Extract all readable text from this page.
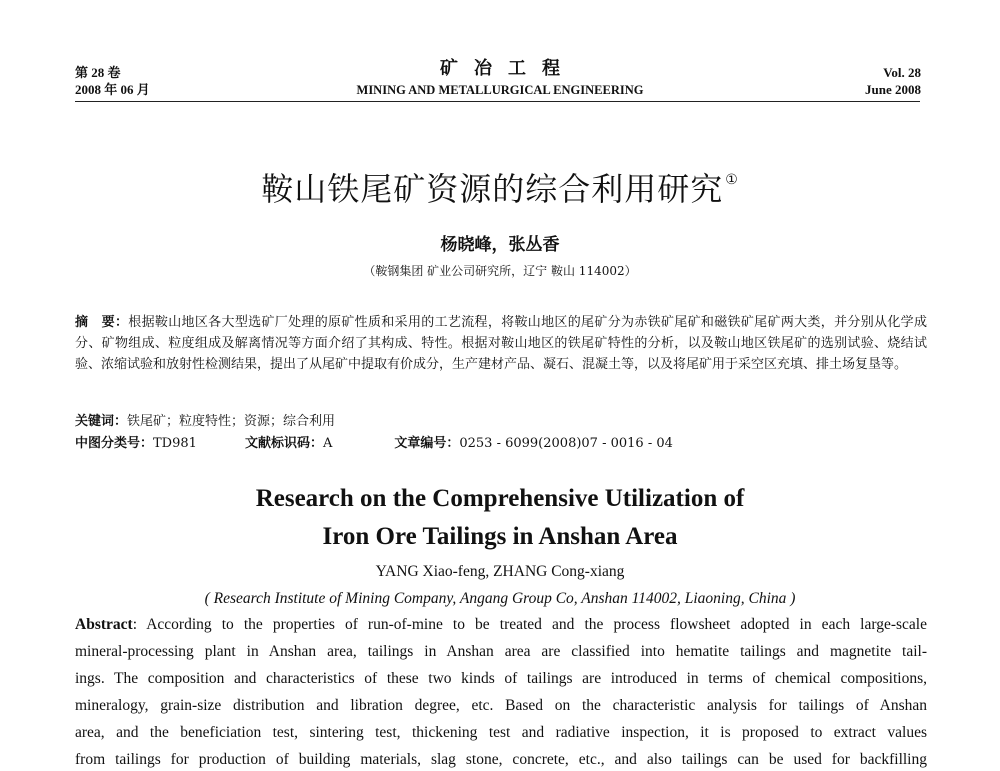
第 28 卷
2008 年 06 月
矿冶工程
MINING AND METALLURGICAL ENGINEERING
Vol. 28
June 2008
鞍山铁尾矿资源的综合利用研究 ①
杨晓峰，张丛香
（鞍钢集团 矿业公司研究所，辽宁 鞍山 114002）
摘　要：根据鞍山地区各大型选矿厂处理的原矿性质和采用的工艺流程，将鞍山地区的尾矿分为赤铁矿尾矿和磁铁矿尾矿两大类，并分别从化学成分、矿物组成、粒度组成及解离情况等方面介绍了其构成、特性。根据对鞍山地区的铁尾矿特性的分析，以及鞍山地区铁尾矿的选别试验、烧结试验、浓缩试验和放射性检测结果，提出了从尾矿中提取有价成分，生产建材产品、凝石、混凝土等，以及将尾矿用于采空区充填、排土场复垦等。
关键词：铁尾矿；粒度特性；资源；综合利用
中图分类号：TD981	文献标识码：A	文章编号：0253 - 6099(2008)07 - 0016 - 04
Research on the Comprehensive Utilization of
Iron Ore Tailings in Anshan Area
YANG Xiao-feng, ZHANG Cong-xiang
( Research Institute of Mining Company, Angang Group Co, Anshan 114002, Liaoning, China )
Abstract: According to the properties of run-of-mine to be treated and the process flowsheet adopted in each large-scale
mineral-processing plant in Anshan area, tailings in Anshan area are classified into hematite tailings and magnetite tail-
ings. The composition and characteristics of these two kinds of tailings are introduced in terms of chemical compositions,
mineralogy, grain-size distribution and libration degree, etc. Based on the characteristic analysis for tailings of Anshan
area, and the beneficiation test, sintering test, thickening test and radiative inspection, it is proposed to extract values
from tailings for production of building materials, slag stone, concrete, etc., and also tailings can be used for backfilling
